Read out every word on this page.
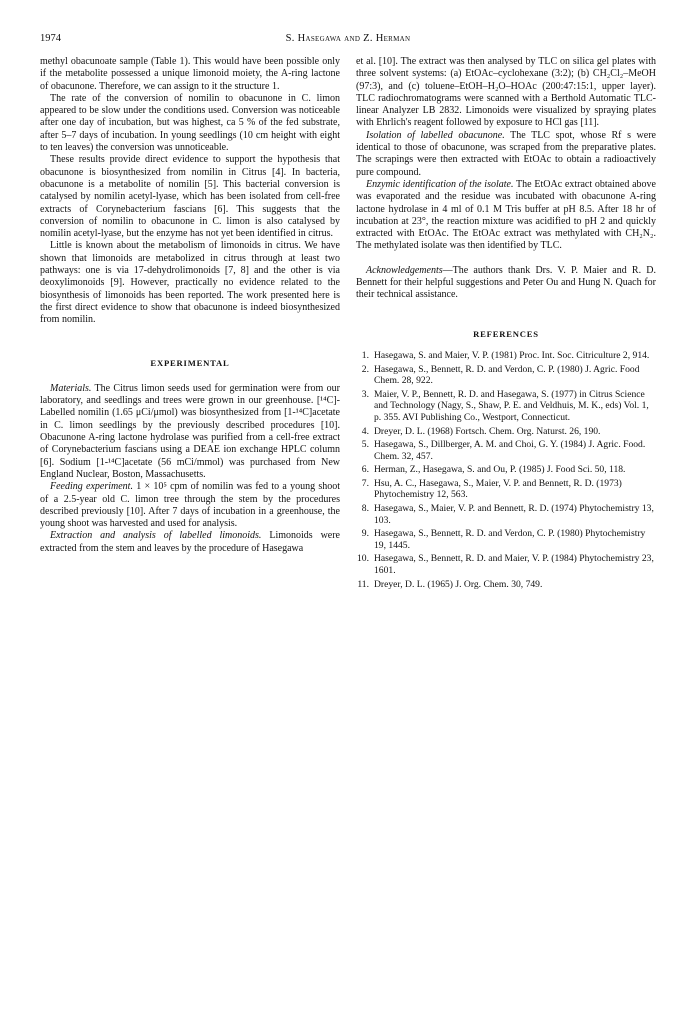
1974	S. Hasegawa and Z. Herman

methyl obacunoate sample (Table 1). This would have been possible only if the metabolite possessed a unique limonoid moiety, the A-ring lactone of obacunone. Therefore, we can assign to it the structure 1.

The rate of the conversion of nomilin to obacunone in C. limon appeared to be slow under the conditions used. Conversion was noticeable after one day of incubation, but was highest, ca 5 % of the fed substrate, after 5–7 days of incubation. In young seedlings (10 cm height with eight to ten leaves) the conversion was unnoticeable.

These results provide direct evidence to support the hypothesis that obacunone is biosynthesized from nomilin in Citrus [4]. In bacteria, obacunone is a metabolite of nomilin [5]. This bacterial conversion is catalysed by nomilin acetyl-lyase, which has been isolated from cell-free extracts of Corynebacterium fascians [6]. This suggests that the conversion of nomilin to obacunone in C. limon is also catalysed by nomilin acetyl-lyase, but the enzyme has not yet been identified in citrus.

Little is known about the metabolism of limonoids in citrus. We have shown that limonoids are metabolized in citrus through at least two pathways: one is via 17-dehydrolimonoids [7, 8] and the other is via deoxylimonoids [9]. However, practically no evidence related to the biosynthesis of limonoids has been reported. The work presented here is the first direct evidence to show that obacunone is indeed biosynthesized from nomilin.

EXPERIMENTAL

Materials. The Citrus limon seeds used for germination were from our laboratory, and seedlings and trees were grown in our greenhouse. [¹⁴C]-Labelled nomilin (1.65 μCi/μmol) was biosynthesized from [1-¹⁴C]acetate in C. limon seedlings by the previously described procedures [10]. Obacunone A-ring lactone hydrolase was purified from a cell-free extract of Corynebacterium fascians using a DEAE ion exchange HPLC column [6]. Sodium [1-¹⁴C]acetate (56 mCi/mmol) was purchased from New England Nuclear, Boston, Massachusetts.

Feeding experiment. 1 × 10⁵ cpm of nomilin was fed to a young shoot of a 2.5-year old C. limon tree through the stem by the procedures described previously [10]. After 7 days of incubation in a greenhouse, the young shoot was harvested and used for analysis.

Extraction and analysis of labelled limonoids. Limonoids were extracted from the stem and leaves by the procedure of Hasegawa

et al. [10]. The extract was then analysed by TLC on silica gel plates with three solvent systems: (a) EtOAc–cyclohexane (3:2); (b) CH₂Cl₂–MeOH (97:3), and (c) toluene–EtOH–H₂O–HOAc (200:47:15:1, upper layer). TLC radiochromatograms were scanned with a Berthold Automatic TLC-linear Analyzer LB 2832. Limonoids were visualized by spraying plates with Ehrlich's reagent followed by exposure to HCl gas [11].

Isolation of labelled obacunone. The TLC spot, whose Rf s were identical to those of obacunone, was scraped from the preparative plates. The scrapings were then extracted with EtOAc to obtain a radioactively pure compound.

Enzymic identification of the isolate. The EtOAc extract obtained above was evaporated and the residue was incubated with obacunone A-ring lactone hydrolase in 4 ml of 0.1 M Tris buffer at pH 8.5. After 18 hr of incubation at 23°, the reaction mixture was acidified to pH 2 and quickly extracted with EtOAc. The EtOAc extract was methylated with CH₂N₂. The methylated isolate was then identified by TLC.

Acknowledgements—The authors thank Drs. V. P. Maier and R. D. Bennett for their helpful suggestions and Peter Ou and Hung N. Quach for their technical assistance.

REFERENCES
1. Hasegawa, S. and Maier, V. P. (1981) Proc. Int. Soc. Citriculture 2, 914.
2. Hasegawa, S., Bennett, R. D. and Verdon, C. P. (1980) J. Agric. Food Chem. 28, 922.
3. Maier, V. P., Bennett, R. D. and Hasegawa, S. (1977) in Citrus Science and Technology (Nagy, S., Shaw, P. E. and Veldhuis, M. K., eds) Vol. 1, p. 355. AVI Publishing Co., Westport, Connecticut.
4. Dreyer, D. L. (1968) Fortsch. Chem. Org. Naturst. 26, 190.
5. Hasegawa, S., Dillberger, A. M. and Choi, G. Y. (1984) J. Agric. Food. Chem. 32, 457.
6. Herman, Z., Hasegawa, S. and Ou, P. (1985) J. Food Sci. 50, 118.
7. Hsu, A. C., Hasegawa, S., Maier, V. P. and Bennett, R. D. (1973) Phytochemistry 12, 563.
8. Hasegawa, S., Maier, V. P. and Bennett, R. D. (1974) Phytochemistry 13, 103.
9. Hasegawa, S., Bennett, R. D. and Verdon, C. P. (1980) Phytochemistry 19, 1445.
10. Hasegawa, S., Bennett, R. D. and Maier, V. P. (1984) Phytochemistry 23, 1601.
11. Dreyer, D. L. (1965) J. Org. Chem. 30, 749.
